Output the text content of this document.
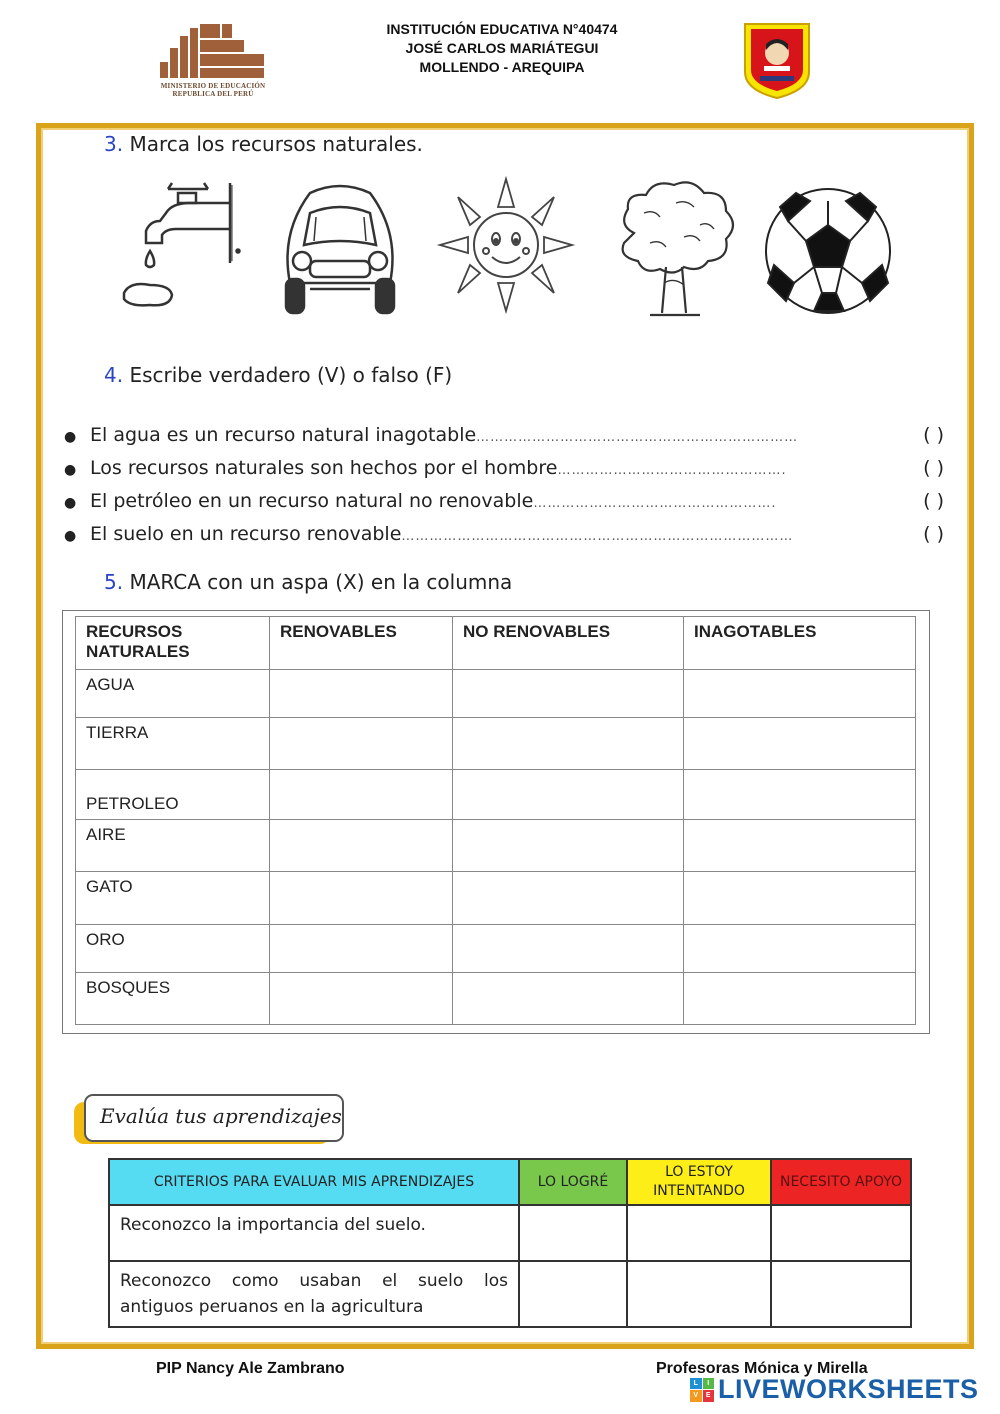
MINISTERIO DE EDUCACIÓN
REPUBLICA DEL PERÚ
INSTITUCIÓN EDUCATIVA N°40474
JOSÉ CARLOS MARIÁTEGUI
MOLLENDO - AREQUIPA
3. Marca los recursos naturales.
4. Escribe verdadero (V) o falso (F)
● El agua es un recurso natural inagotable ……………………………………………………………	( )
● Los recursos naturales son hechos por el hombre ………………………………………….	( )
● El petróleo en un recurso natural no renovable …………………………………………….	( )
● El suelo en un recurso renovable …………………………………………………………………………	( )
5. MARCA con un aspa (X) en la columna
RECURSOS NATURALES	RENOVABLES	NO RENOVABLES	INAGOTABLES
AGUA			
TIERRA			
PETROLEO			
AIRE			
GATO			
ORO			
BOSQUES			
Evalúa tus aprendizajes
CRITERIOS PARA EVALUAR MIS APRENDIZAJES	LO LOGRÉ	LO ESTOY INTENTANDO	NECESITO APOYO
Reconozco la importancia del suelo.			

Reconozco como usaban el suelo los
antiguos peruanos en la agricultura			

PIP Nancy Ale Zambrano	Profesoras Mónica y Mirella
L	I
V	E LIVEWORKSHEETS
